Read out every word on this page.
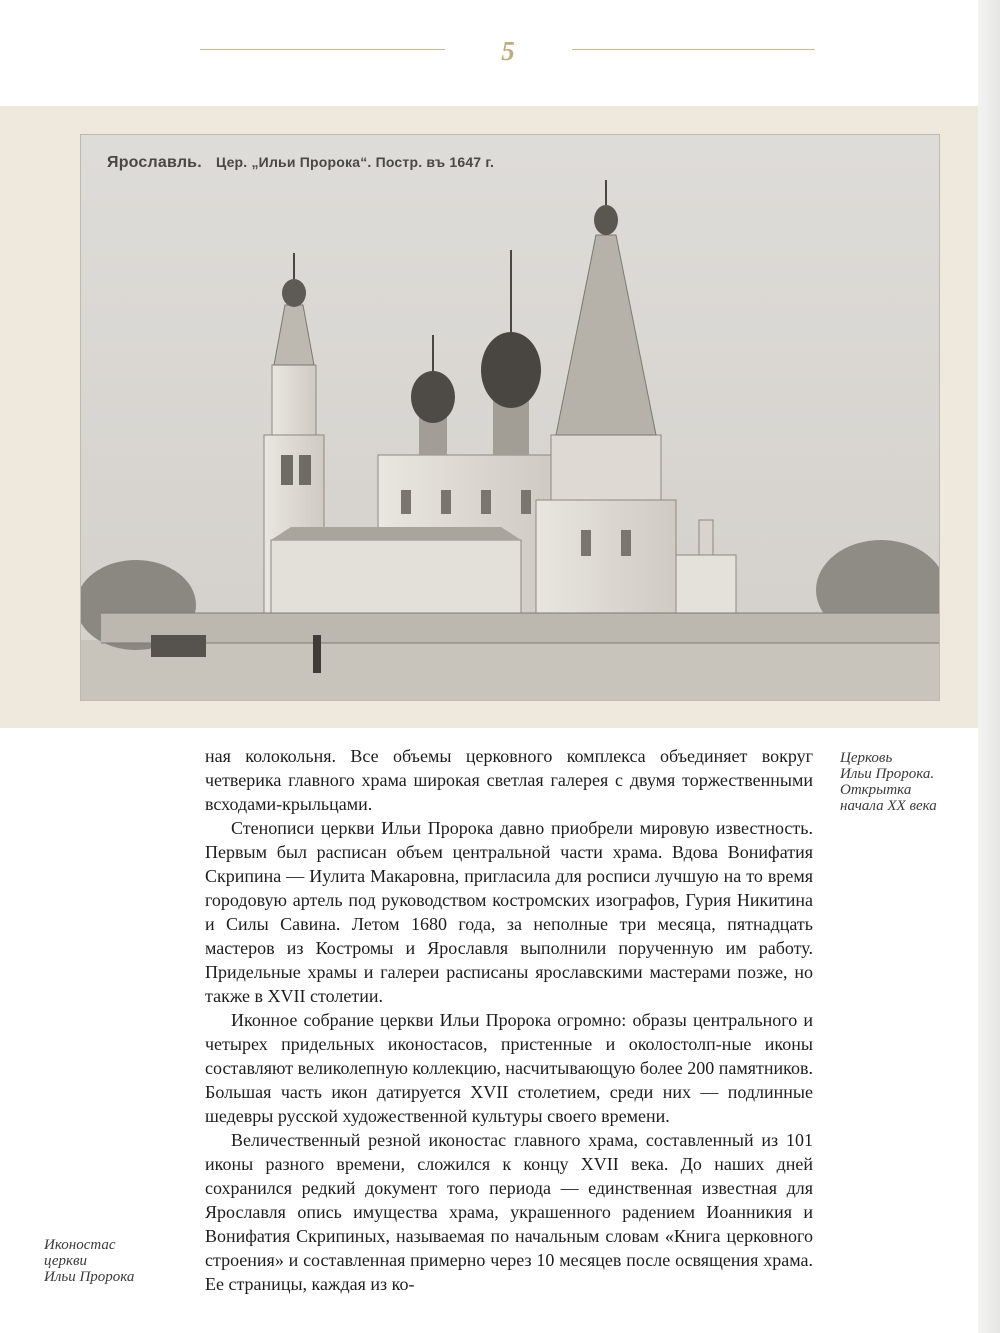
5
Ярославль. Цер. „Ильи Пророка“. Постр. въ 1647 г.
Церковь
Ильи Пророка.
Открытка
начала XX века

ная колокольня. Все объемы церковного комплекса объединяет вокруг четверика главного храма широкая светлая галерея с двумя торжественными всходами-крыльцами.

Стенописи церкви Ильи Пророка давно приобрели мировую известность. Первым был расписан объем центральной части храма. Вдова Вонифатия Скрипина — Иулита Макаровна, пригласила для росписи лучшую на то время городовую артель под руководством костромских изографов, Гурия Никитина и Силы Савина. Летом 1680 года, за неполные три месяца, пятнадцать мастеров из Костромы и Ярославля выполнили порученную им работу. Придельные храмы и галереи расписаны ярославскими мастерами позже, но также в XVII столетии.

Иконное собрание церкви Ильи Пророка огромно: образы центрального и четырех придельных иконостасов, пристенные и околостолп-ные иконы составляют великолепную коллекцию, насчитывающую более 200 памятников. Большая часть икон датируется XVII столетием, среди них — подлинные шедевры русской художественной культуры своего времени.

Величественный резной иконостас главного храма, составленный из 101 иконы разного времени, сложился к концу XVII века. До наших дней сохранился редкий документ того периода — единственная известная для Ярославля опись имущества храма, украшенного радением Иоанникия и Вонифатия Скрипиных, называемая по начальным словам «Книга церковного строения» и составленная примерно через 10 месяцев после освящения храма. Ее страницы, каждая из ко-

Иконостас
церкви
Ильи Пророка
